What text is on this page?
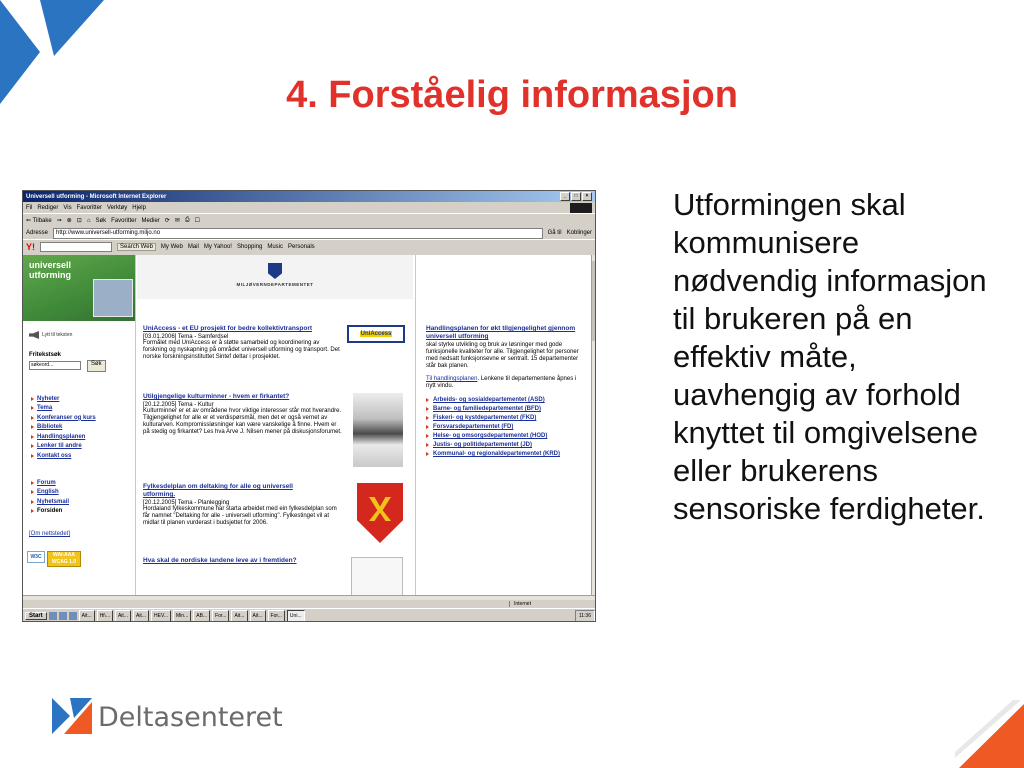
4. Forståelig informasjon
Utformingen skal kommunisere nødvendig informasjon til brukeren på en effektiv måte, uavhengig av forhold knyttet til omgivelsene eller brukerens sensoriske ferdigheter.
Deltasenteret
Universell utforming - Microsoft Internet Explorer	_	□	×
Fil Rediger Vis Favoritter Verktøy Hjelp
⇐ Tilbake ⇒ ⊗ ⊡ ⌂ Søk Favoritter Medier ⟳ ✉ ⎙ ☐
Adresse http://www.universell-utforming.miljo.no	Gå til Koblinger
Y!	Search Web	My Web Mail My Yahoo! Shopping Music Personals
universell
utforming
Lytt til teksten
Fritekstsøk
søkeord...	Søk
Nyheter
Tema
Konferanser og kurs
Bibliotek
Handlingsplanen
Lenker til andre
Kontakt oss
Forum
English
Nyhetsmail
Forsiden
[Om nettstedet]
W3C	WAI-AAA WCAG 1.0
MILJØVERNDEPARTEMENTET
UniAccess - et EU prosjekt for bedre kollektivtransport
[03.01.2006] Tema - Samferdsel

Formålet med UniAccess er å støtte samarbeid og koordinering av forskning og nyskapning på området universell utforming og transport. Det norske forskningsinstituttet Sintef deltar i prosjektet.

UniAccess
Utilgjengelige kulturminner - hvem er firkantet?
[20.12.2005] Tema - Kultur

Kulturminner er et av områdene hvor viktige interesser står mot hverandre. Tilgjengelighet for alle er et verdispørsmål, men det er også vernet av kulturarven. Kompromissløsninger kan være vanskelige å finne. Hvem er på stedig og firkantet? Les hva Arve J. Nilsen mener på diskusjonsforumet.

Fylkesdelplan om deltaking for alle og universell utforming.
[20.12.2005] Tema - Planlegging

Hordaland fylkeskommune har starta arbeidet med ein fylkesdelplan som får namnet "Deltaking for alle - universell utforming". Fylkestinget vil at midlar til planen vurderast i budsjettet for 2006.

Hva skal de nordiske landene leve av i fremtiden?
Handlingsplanen for økt tilgjengelighet gjennom universell utforming

skal styrke utvikling og bruk av løsninger med gode funksjonelle kvaliteter for alle. Tilgjengelighet for personer med nedsatt funksjonsevne er sentralt. 15 departementer står bak planen.

Til handlingsplanen. Lenkene til departementene åpnes i nytt vindu.

Arbeids- og sosialdepartementet (ASD)
Barne- og familiedepartementet (BFD)
Fiskeri- og kystdepartementet (FKD)
Forsvarsdepartementet (FD)
Helse- og omsorgsdepartementet (HOD)
Justis- og politidepartementet (JD)
Kommunal- og regionaldepartementet (KRD)
Internet
Start	Ait...	Hi\...	Ait...	Ait...	HEV...	Min...	AB...	For...	Ait...	Ait...	For...	Uni...	11:36
